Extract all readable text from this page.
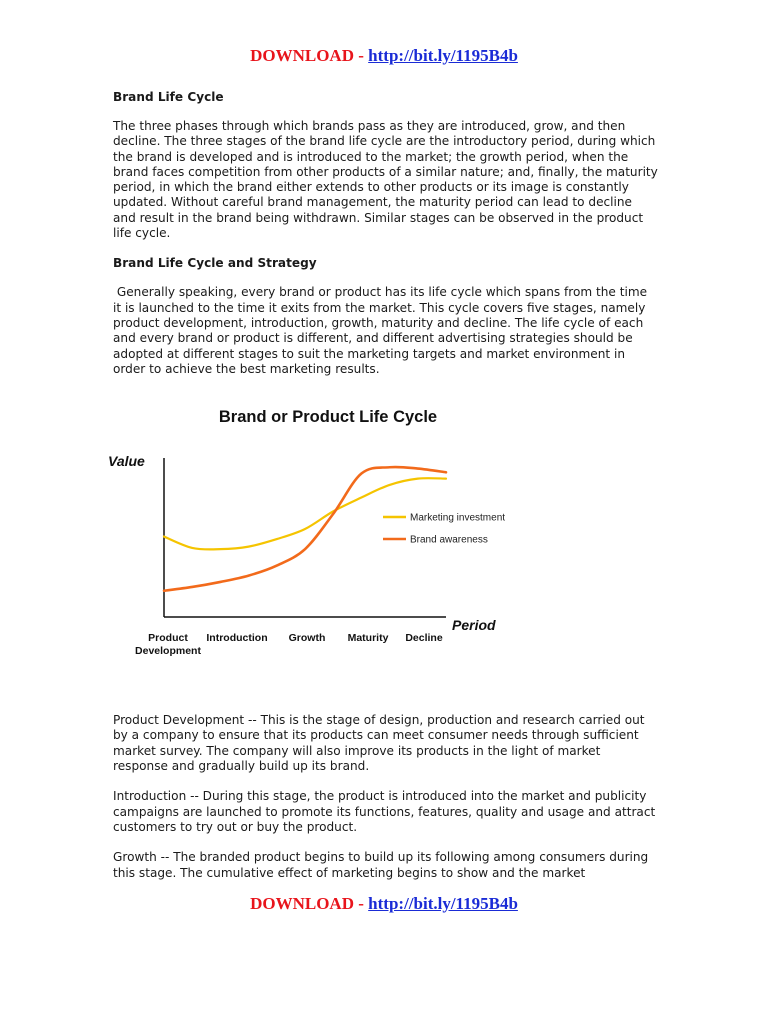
DOWNLOAD - http://bit.ly/1195B4b
Brand Life Cycle

The three phases through which brands pass as they are introduced, grow, and then decline. The three stages of the brand life cycle are the introductory period, during which the brand is developed and is introduced to the market; the growth period, when the brand faces competition from other products of a similar nature; and, finally, the maturity period, in which the brand either extends to other products or its image is constantly updated. Without careful brand management, the maturity period can lead to decline and result in the brand being withdrawn. Similar stages can be observed in the product life cycle.

Brand Life Cycle and Strategy

Generally speaking, every brand or product has its life cycle which spans from the time it is launched to the time it exits from the market. This cycle covers five stages, namely product development, introduction, growth, maturity and decline. The life cycle of each and every brand or product is different, and different advertising strategies should be adopted at different stages to suit the marketing targets and market environment in order to achieve the best marketing results.

Brand or Product Life Cycle
Value
Period
Marketing investment
Brand awareness
Product Development
Introduction Growth Maturity Decline

Product Development -- This is the stage of design, production and research carried out by a company to ensure that its products can meet consumer needs through sufficient market survey. The company will also improve its products in the light of market response and gradually build up its brand.

Introduction -- During this stage, the product is introduced into the market and publicity campaigns are launched to promote its functions, features, quality and usage and attract customers to try out or buy the product.

Growth -- The branded product begins to build up its following among consumers during this stage. The cumulative effect of marketing begins to show and the market

DOWNLOAD - http://bit.ly/1195B4b
